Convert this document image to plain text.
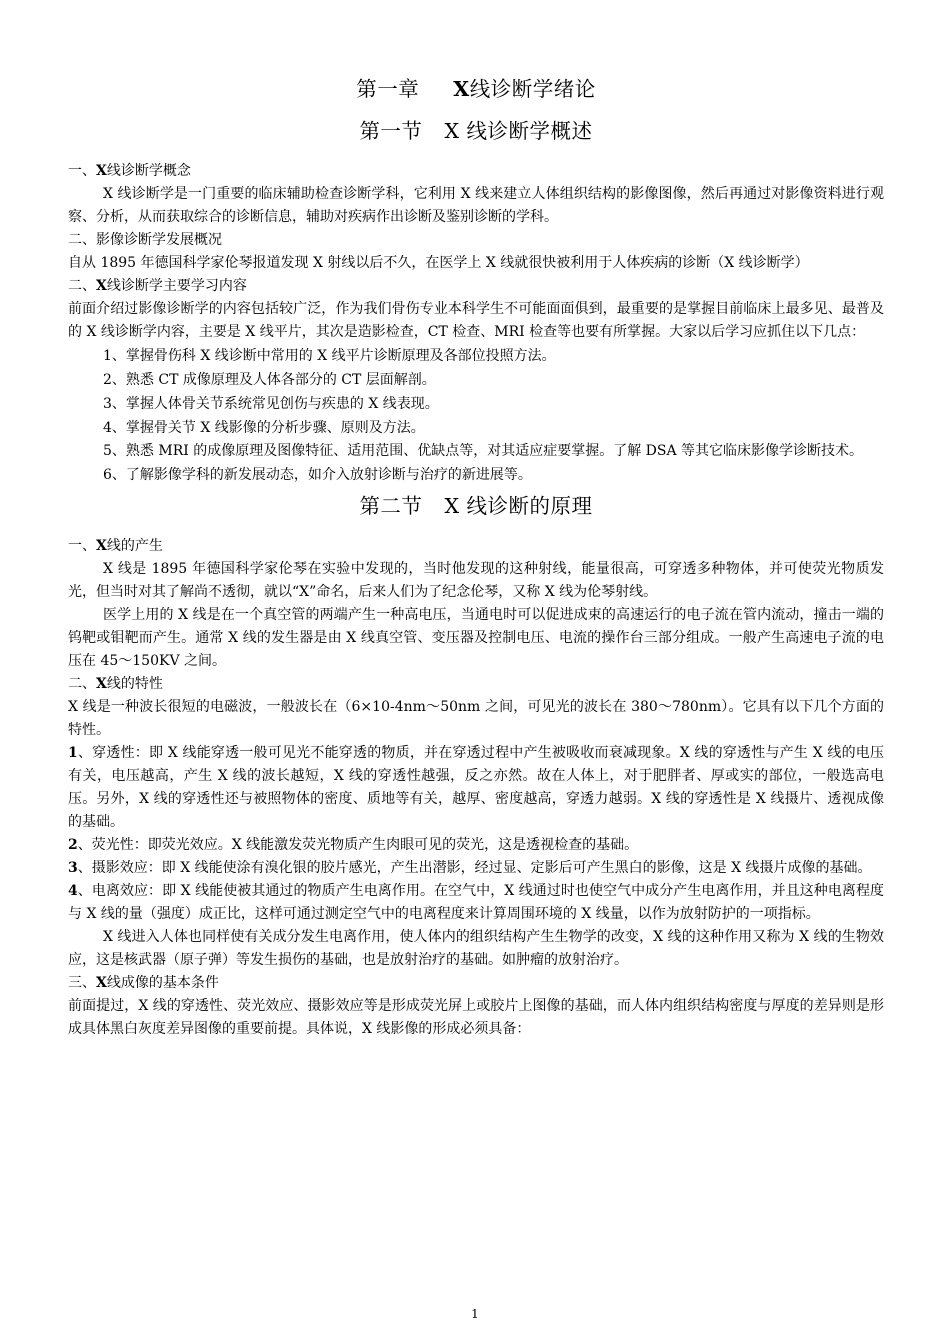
第一章 X线诊断学绪论
第一节 X 线诊断学概述
一、X线诊断学概念
X 线诊断学是一门重要的临床辅助检查诊断学科，它利用 X 线来建立人体组织结构的影像图像，然后再通过对影像资料进行观察、分析，从而获取综合的诊断信息，辅助对疾病作出诊断及鉴别诊断的学科。
二、影像诊断学发展概况
自从 1895 年德国科学家伦琴报道发现 X 射线以后不久，在医学上 X 线就很快被利用于人体疾病的诊断（X 线诊断学）
二、X线诊断学主要学习内容
前面介绍过影像诊断学的内容包括较广泛，作为我们骨伤专业本科学生不可能面面俱到，最重要的是掌握目前临床上最多见、最普及的 X 线诊断学内容，主要是 X 线平片，其次是造影检查，CT 检查、MRI 检查等也要有所掌握。大家以后学习应抓住以下几点：
1、掌握骨伤科 X 线诊断中常用的 X 线平片诊断原理及各部位投照方法。
2、熟悉 CT 成像原理及人体各部分的 CT 层面解剖。
3、掌握人体骨关节系统常见创伤与疾患的 X 线表现。
4、掌握骨关节 X 线影像的分析步骤、原则及方法。
5、熟悉 MRI 的成像原理及图像特征、适用范围、优缺点等，对其适应症要掌握。了解 DSA 等其它临床影像学诊断技术。
6、了解影像学科的新发展动态，如介入放射诊断与治疗的新进展等。
第二节 X 线诊断的原理
一、X线的产生
X 线是 1895 年德国科学家伦琴在实验中发现的，当时他发现的这种射线，能量很高，可穿透多种物体，并可使荧光物质发光，但当时对其了解尚不透彻，就以“X”命名，后来人们为了纪念伦琴，又称 X 线为伦琴射线。
医学上用的 X 线是在一个真空管的两端产生一种高电压，当通电时可以促进成束的高速运行的电子流在管内流动，撞击一端的钨靶或钼靶而产生。通常 X 线的发生器是由 X 线真空管、变压器及控制电压、电流的操作台三部分组成。一般产生高速电子流的电压在 45～150KV 之间。
二、X线的特性
X 线是一种波长很短的电磁波，一般波长在（6×10-4nm～50nm 之间，可见光的波长在 380～780nm）。它具有以下几个方面的特性。
1、穿透性：即 X 线能穿透一般可见光不能穿透的物质，并在穿透过程中产生被吸收而衰减现象。X 线的穿透性与产生 X 线的电压有关，电压越高，产生 X 线的波长越短，X 线的穿透性越强，反之亦然。故在人体上，对于肥胖者、厚或实的部位，一般选高电压。另外，X 线的穿透性还与被照物体的密度、质地等有关，越厚、密度越高，穿透力越弱。X 线的穿透性是 X 线摄片、透视成像的基础。
2、荧光性：即荧光效应。X 线能激发荧光物质产生肉眼可见的荧光，这是透视检查的基础。
3、摄影效应：即 X 线能使涂有溴化银的胶片感光，产生出潜影，经过显、定影后可产生黑白的影像，这是 X 线摄片成像的基础。
4、电离效应：即 X 线能使被其通过的物质产生电离作用。在空气中，X 线通过时也使空气中成分产生电离作用，并且这种电离程度与 X 线的量（强度）成正比，这样可通过测定空气中的电离程度来计算周围环境的 X 线量，以作为放射防护的一项指标。
X 线进入人体也同样使有关成分发生电离作用，使人体内的组织结构产生生物学的改变，X 线的这种作用又称为 X 线的生物效应，这是核武器（原子弹）等发生损伤的基础，也是放射治疗的基础。如肿瘤的放射治疗。
三、X线成像的基本条件
前面提过，X 线的穿透性、荧光效应、摄影效应等是形成荧光屏上或胶片上图像的基础，而人体内组织结构密度与厚度的差异则是形成具体黑白灰度差异图像的重要前提。具体说，X 线影像的形成必须具备：
1
